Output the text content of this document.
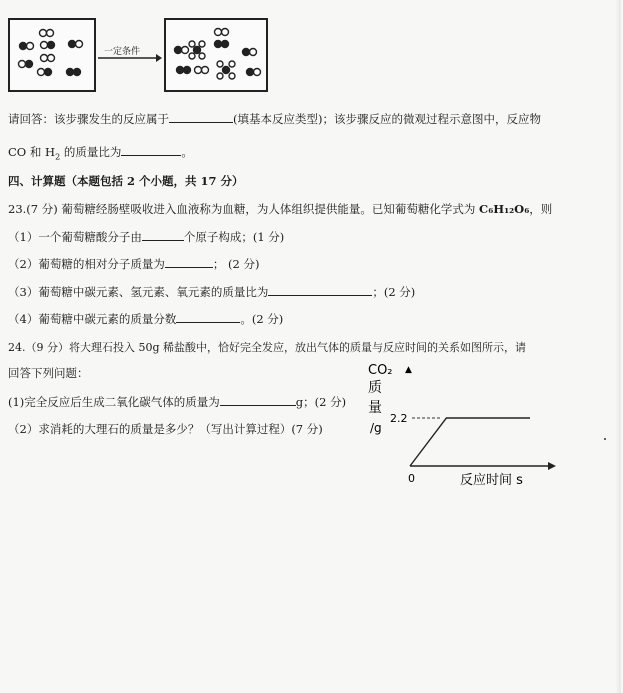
一定条件
请回答：该步骤发生的反应属于	(填基本反应类型)；该步骤反应的微观过程示意图中，反应物
CO 和 $H_2$ 的质量比为	。
四、计算题（本题包括 2 个小题，共 17 分）
23.(7 分) 葡萄糖经肠壁吸收进入血液称为血糖，为人体组织提供能量。已知葡萄糖化学式为 C₆H₁₂O₆，则
（1）一个葡萄糖酸分子由	个原子构成；(1 分)
（2）葡萄糖的相对分子质量为	； (2 分)
（3）葡萄糖中碳元素、氢元素、氧元素的质量比为	；(2 分)
（4）葡萄糖中碳元素的质量分数	。(2 分)
24.（9 分）将大理石投入 50g 稀盐酸中，恰好完全发应，放出气体的质量与反应时间的关系如图所示，请
回答下列问题：
(1)完全反应后生成二氧化碳气体的质量为	g；(2 分)
（2）求消耗的大理石的质量是多少？（写出计算过程）(7 分)
CO₂ ▲
质
量
/g
2.2
0	反应时间 s
